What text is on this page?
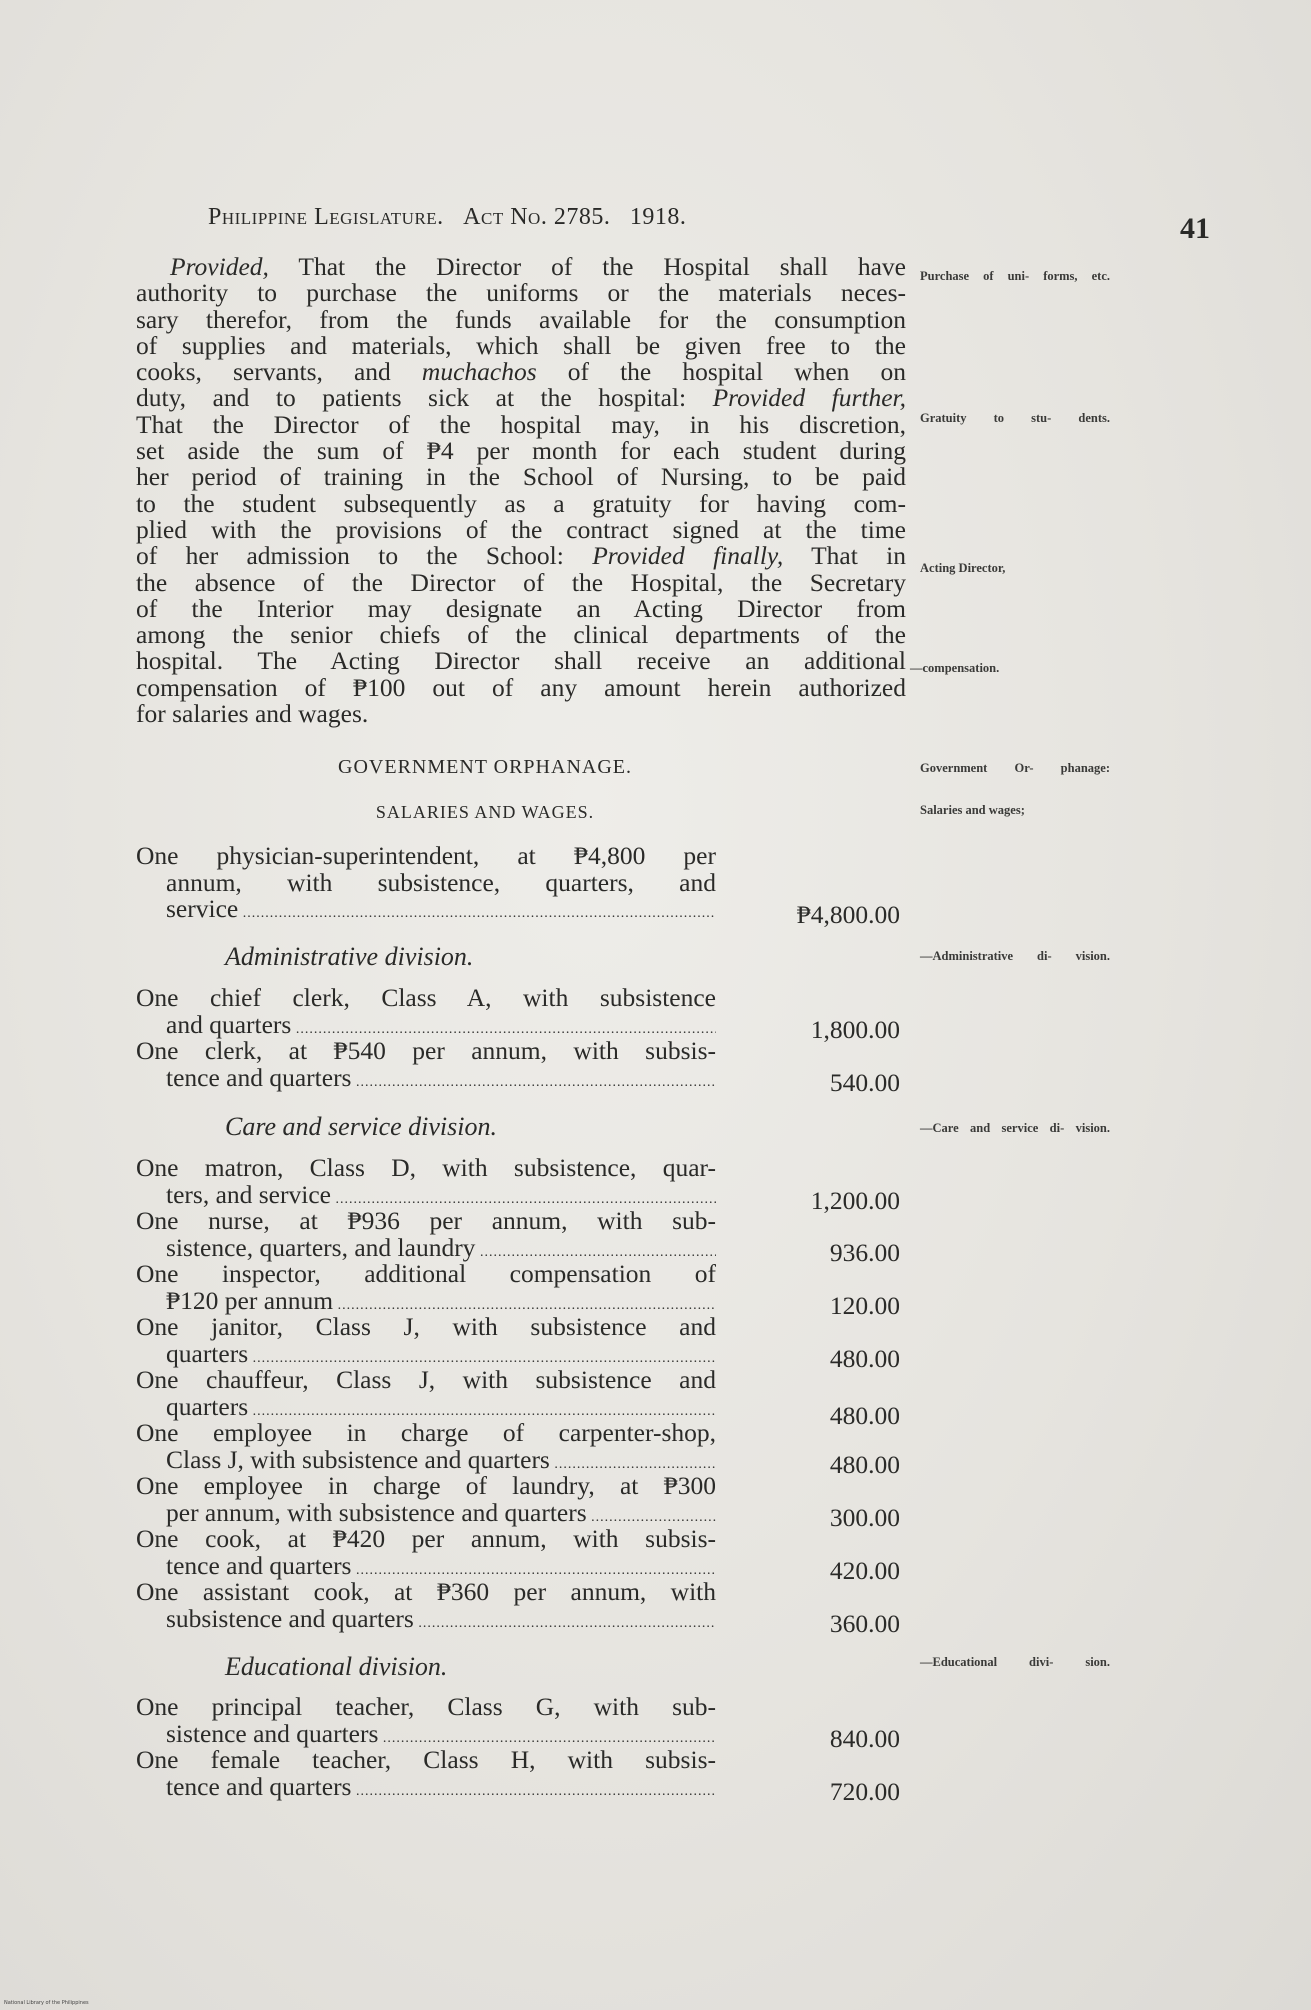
Philippine Legislature. Act No. 2785. 1918.	41
Provided, That the Director of the Hospital shall have
authority to purchase the uniforms or the materials neces-
sary therefor, from the funds available for the consumption
of supplies and materials, which shall be given free to the
cooks, servants, and muchachos of the hospital when on
duty, and to patients sick at the hospital: Provided further,
That the Director of the hospital may, in his discretion,
set aside the sum of ₱4 per month for each student during
her period of training in the School of Nursing, to be paid
to the student subsequently as a gratuity for having com-
plied with the provisions of the contract signed at the time
of her admission to the School: Provided finally, That in
the absence of the Director of the Hospital, the Secretary
of the Interior may designate an Acting Director from
among the senior chiefs of the clinical departments of the
hospital. The Acting Director shall receive an additional
compensation of ₱100 out of any amount herein authorized
for salaries and wages.
Purchase of uni- forms, etc.
Gratuity to stu- dents.
Acting Director,
—compensation.
Government Or- phanage:
Salaries and wages;
—Administrative di- vision.
—Care and service di- vision.
—Educational divi- sion.
GOVERNMENT ORPHANAGE.
SALARIES AND WAGES.
One physician-superintendent, at ₱4,800 per
annum, with subsistence, quarters, and
service .....	₱4,800.00
Administrative division.
One chief clerk, Class A, with subsistence
and quarters .....	1,800.00
One clerk, at ₱540 per annum, with subsis-
tence and quarters .....	540.00
Care and service division.
One matron, Class D, with subsistence, quar-
ters, and service .....	1,200.00
One nurse, at ₱936 per annum, with sub-
sistence, quarters, and laundry .....	936.00
One inspector, additional compensation of
₱120 per annum .....	120.00
One janitor, Class J, with subsistence and
quarters .....	480.00
One chauffeur, Class J, with subsistence and
quarters .....	480.00
One employee in charge of carpenter-shop,
Class J, with subsistence and quarters .....	480.00
One employee in charge of laundry, at ₱300
per annum, with subsistence and quarters .....	300.00
One cook, at ₱420 per annum, with subsis-
tence and quarters .....	420.00
One assistant cook, at ₱360 per annum, with
subsistence and quarters .....	360.00
Educational division.
One principal teacher, Class G, with sub-
sistence and quarters .....	840.00
One female teacher, Class H, with subsis-
tence and quarters .....	720.00
National Library of the Philippines
